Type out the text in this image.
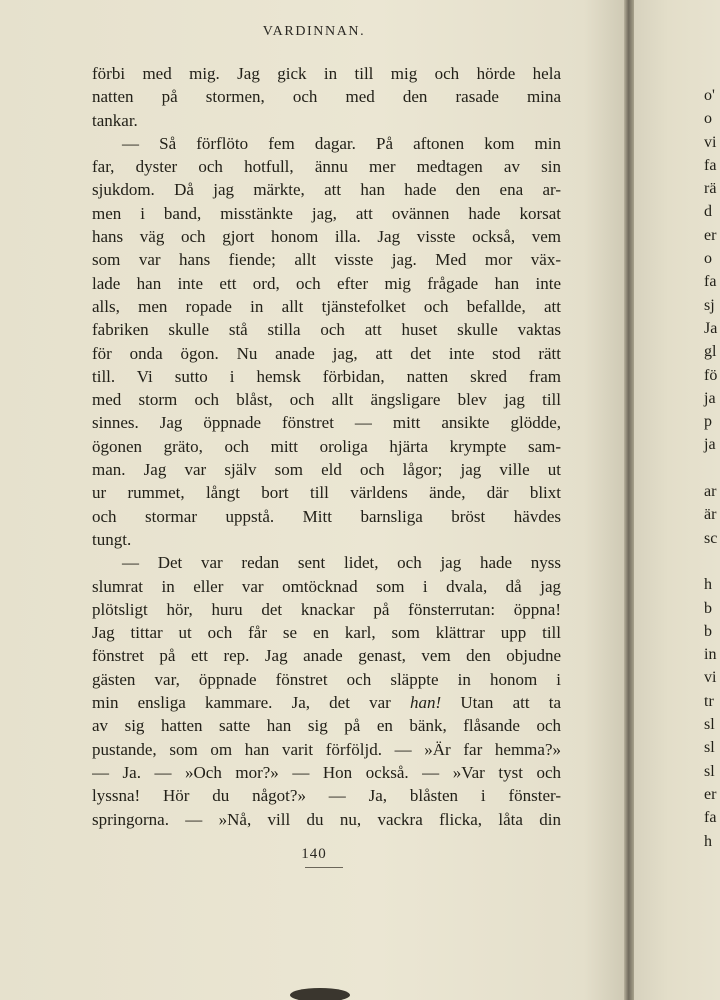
VARDINNAN.
förbi med mig. Jag gick in till mig och hörde hela
natten på stormen, och med den rasade mina
tankar.
— Så förflöto fem dagar. På aftonen kom min
far, dyster och hotfull, ännu mer medtagen av sin
sjukdom. Då jag märkte, att han hade den ena ar-
men i band, misstänkte jag, att ovännen hade korsat
hans väg och gjort honom illa. Jag visste också, vem
som var hans fiende; allt visste jag. Med mor väx-
lade han inte ett ord, och efter mig frågade han inte
alls, men ropade in allt tjänstefolket och befallde, att
fabriken skulle stå stilla och att huset skulle vaktas
för onda ögon. Nu anade jag, att det inte stod rätt
till. Vi sutto i hemsk förbidan, natten skred fram
med storm och blåst, och allt ängsligare blev jag till
sinnes. Jag öppnade fönstret — mitt ansikte glödde,
ögonen gräto, och mitt oroliga hjärta krympte sam-
man. Jag var själv som eld och lågor; jag ville ut
ur rummet, långt bort till världens ände, där blixt
och stormar uppstå. Mitt barnsliga bröst hävdes
tungt.
— Det var redan sent lidet, och jag hade nyss
slumrat in eller var omtöcknad som i dvala, då jag
plötsligt hör, huru det knackar på fönsterrutan: öppna!
Jag tittar ut och får se en karl, som klättrar upp till
fönstret på ett rep. Jag anade genast, vem den objudne
gästen var, öppnade fönstret och släppte in honom i
min ensliga kammare. Ja, det var han! Utan att ta
av sig hatten satte han sig på en bänk, flåsande och
pustande, som om han varit förföljd. — »Är far hemma?»
— Ja. — »Och mor?» — Hon också. — »Var tyst och
lyssna! Hör du något?» — Ja, blåsten i fönster-
springorna. — »Nå, vill du nu, vackra flicka, låta din
140
o'
o
vi
fa
rä
d
er
o
fa
sj
Ja
gl
fö
ja
p
ja
ar
är
sc
h
b
b
in
vi
tr
sl
sl
sl
er
fa
h
